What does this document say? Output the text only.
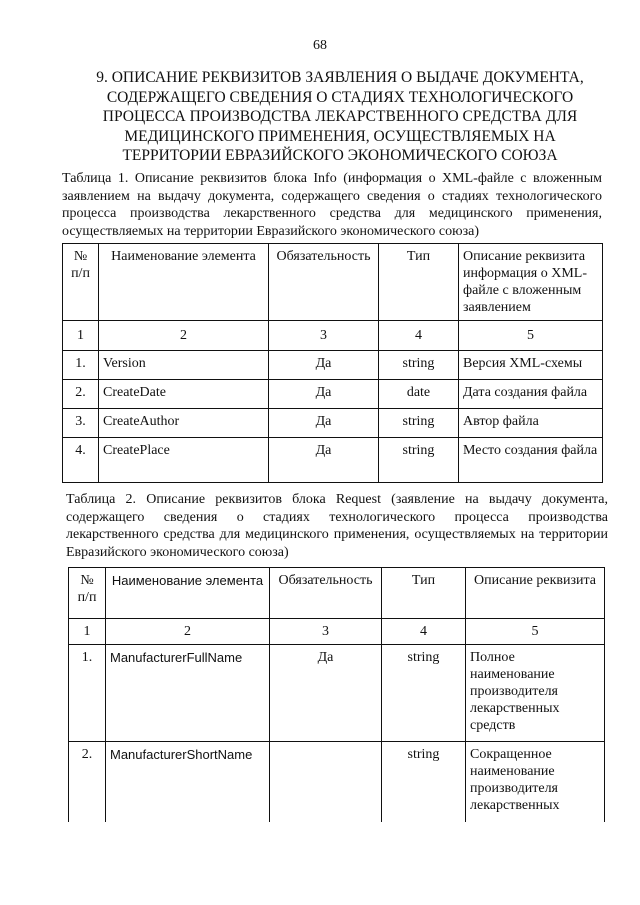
68
9. ОПИСАНИЕ РЕКВИЗИТОВ ЗАЯВЛЕНИЯ О ВЫДАЧЕ ДОКУМЕНТА,
СОДЕРЖАЩЕГО СВЕДЕНИЯ О СТАДИЯХ ТЕХНОЛОГИЧЕСКОГО
ПРОЦЕССА ПРОИЗВОДСТВА ЛЕКАРСТВЕННОГО СРЕДСТВА ДЛЯ
МЕДИЦИНСКОГО ПРИМЕНЕНИЯ, ОСУЩЕСТВЛЯЕМЫХ НА
ТЕРРИТОРИИ ЕВРАЗИЙСКОГО ЭКОНОМИЧЕСКОГО СОЮЗА
Таблица 1. Описание реквизитов блока Info (информация о XML-файле с вложенным заявлением на выдачу документа, содержащего сведения о стадиях технологического процесса производства лекарственного средства для медицинского применения, осуществляемых на территории Евразийского экономического союза)
№ п/п	Наименование элемента	Обязательность	Тип	Описание реквизита информация о XML-файле с вложенным заявлением
1	2	3	4	5
1.	Version	Да	string	Версия XML-схемы
2.	CreateDate	Да	date	Дата создания файла
3.	CreateAuthor	Да	string	Автор файла
4.	CreatePlace	Да	string	Место создания файла
Таблица 2. Описание реквизитов блока Request (заявление на выдачу документа, содержащего сведения о стадиях технологического процесса производства лекарственного средства для медицинского применения, осуществляемых на территории Евразийского экономического союза)
№ п/п	Наименование элемента	Обязательность	Тип	Описание реквизита
1	2	3	4	5
1.	ManufacturerFullName	Да	string	Полное наименование производителя лекарственных средств
2.	ManufacturerShortName		string	Сокращенное наименование производителя лекарственных
